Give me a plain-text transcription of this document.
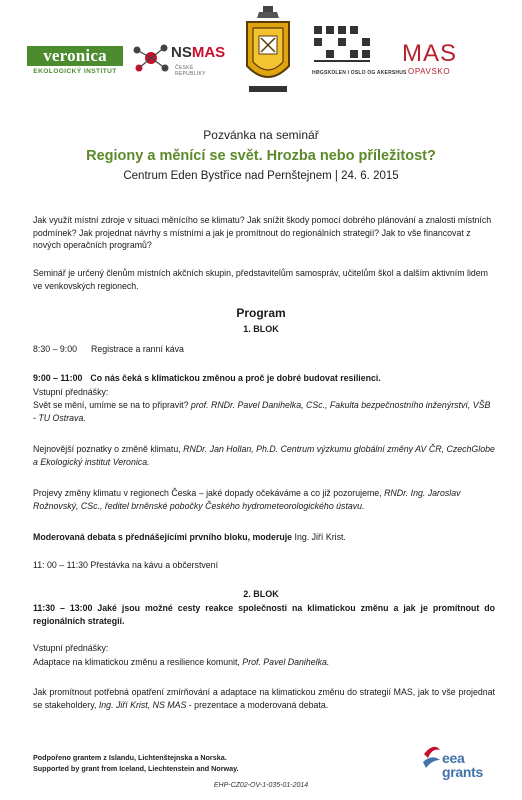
veronica
EKOLOGICKÝ INSTITUT
NSMAS
ČESKÉ REPUBLIKY	HØGSKOLEN I OSLO OG AKERSHUS
MAS
OPAVSKO
Pozvánka na seminář
Regiony a měnící se svět. Hrozba nebo příležitost?
Centrum Eden Bystřice nad Pernštejnem | 24. 6. 2015
Jak využít místní zdroje v situaci měnícího se klimatu? Jak snížit škody pomocí dobrého plánování a znalosti místních podmínek? Jak projednat návrhy s místními a jak je promítnout do regionálních strategií? Jak to vše financovat z nových operačních programů?
Seminář je určený členům místních akčních skupin, představitelům samospráv, učitelům škol a dalším aktivním lidem ve venkovských regionech.
Program
1. BLOK
8:30 – 9:00 Registrace a ranní káva
9:00 – 11:00 Co nás čeká s klimatickou změnou a proč je dobré budovat resilienci.
Vstupní přednášky:
Svět se mění, umíme se na to připravit? prof. RNDr. Pavel Danihelka, CSc., Fakulta bezpečnostního inženýrství, VŠB - TU Ostrava.
Nejnovější poznatky o změně klimatu, RNDr. Jan Hollan, Ph.D. Centrum výzkumu globální změny AV ČR, CzechGlobe a Ekologický institut Veronica.
Projevy změny klimatu v regionech Česka – jaké dopady očekáváme a co již pozorujeme, RNDr. Ing. Jaroslav Rožnovský, CSc., ředitel brněnské pobočky Českého hydrometeorologického ústavu.
Moderovaná debata s přednášejícími prvního bloku, moderuje Ing. Jiří Krist.
11: 00 – 11:30 Přestávka na kávu a občerstvení
2. BLOK
11:30 – 13:00 Jaké jsou možné cesty reakce společnosti na klimatickou změnu a jak je promítnout do regionálních strategií.
Vstupní přednášky:
Adaptace na klimatickou změnu a resilience komunit, Prof. Pavel Danihelka.
Jak promítnout potřebná opatření zmírňování a adaptace na klimatickou změnu do strategií MAS, jak to vše projednat se stakeholdery, Ing. Jiří Krist, NS MAS - prezentace a moderovaná debata.
Podpořeno grantem z Islandu, Lichtenštejnska a Norska.
Supported by grant from Iceland, Liechtenstein and Norway.
eea
grants
EHP-CZ02-OV-1-035-01-2014
